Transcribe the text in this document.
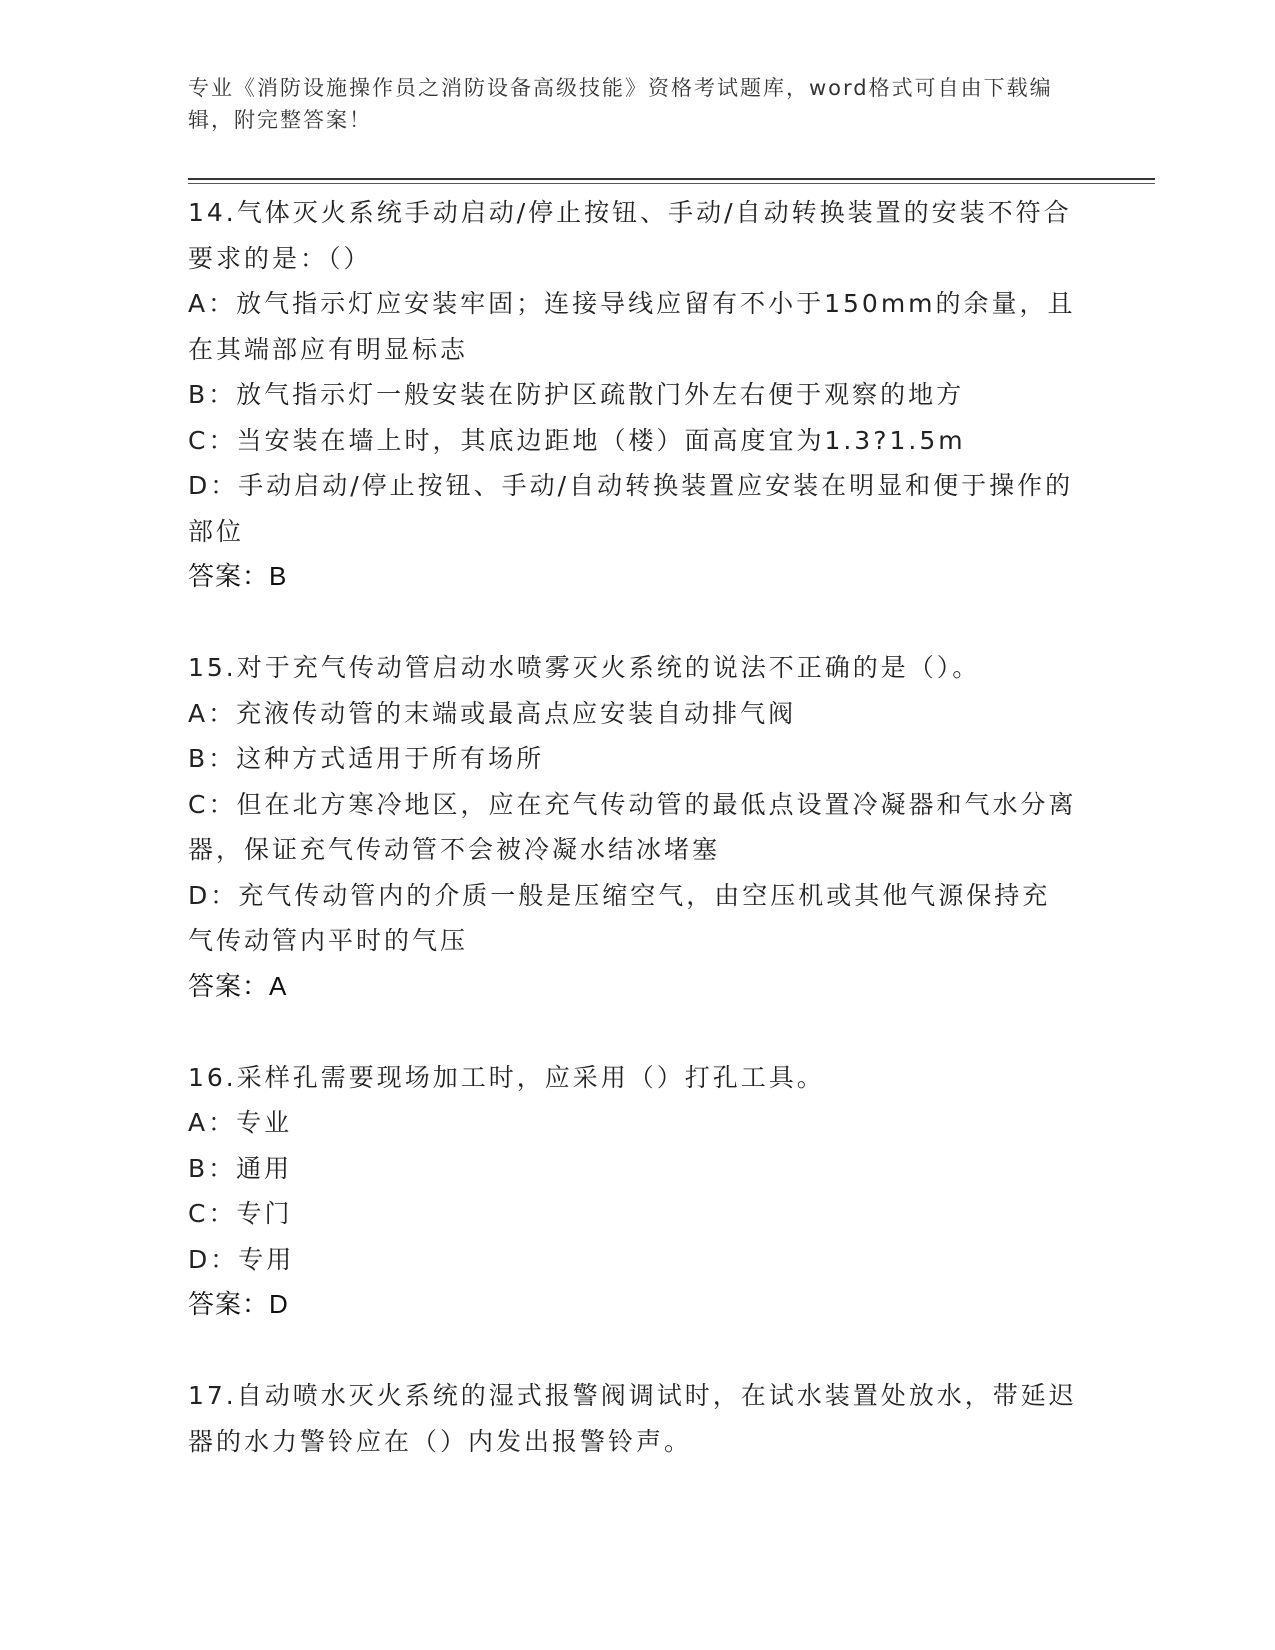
专业《消防设施操作员之消防设备高级技能》资格考试题库，word格式可自由下载编辑，附完整答案！

14.气体灭火系统手动启动/停止按钮、手动/自动转换装置的安装不符合要求的是：（）

A：放气指示灯应安装牢固；连接导线应留有不小于150mm的余量，且在其端部应有明显标志

B：放气指示灯一般安装在防护区疏散门外左右便于观察的地方

C：当安装在墙上时，其底边距地（楼）面高度宜为1.3?1.5m

D：手动启动/停止按钮、手动/自动转换装置应安装在明显和便于操作的部位

答案：B

15.对于充气传动管启动水喷雾灭火系统的说法不正确的是（）。

A：充液传动管的末端或最高点应安装自动排气阀

B：这种方式适用于所有场所

C：但在北方寒冷地区，应在充气传动管的最低点设置冷凝器和气水分离器，保证充气传动管不会被冷凝水结冰堵塞

D：充气传动管内的介质一般是压缩空气，由空压机或其他气源保持充气传动管内平时的气压

答案：A

16.采样孔需要现场加工时，应采用（）打孔工具。

A：专业

B：通用

C：专门

D：专用

答案：D

17.自动喷水灭火系统的湿式报警阀调试时，在试水装置处放水，带延迟器的水力警铃应在（）内发出报警铃声。
